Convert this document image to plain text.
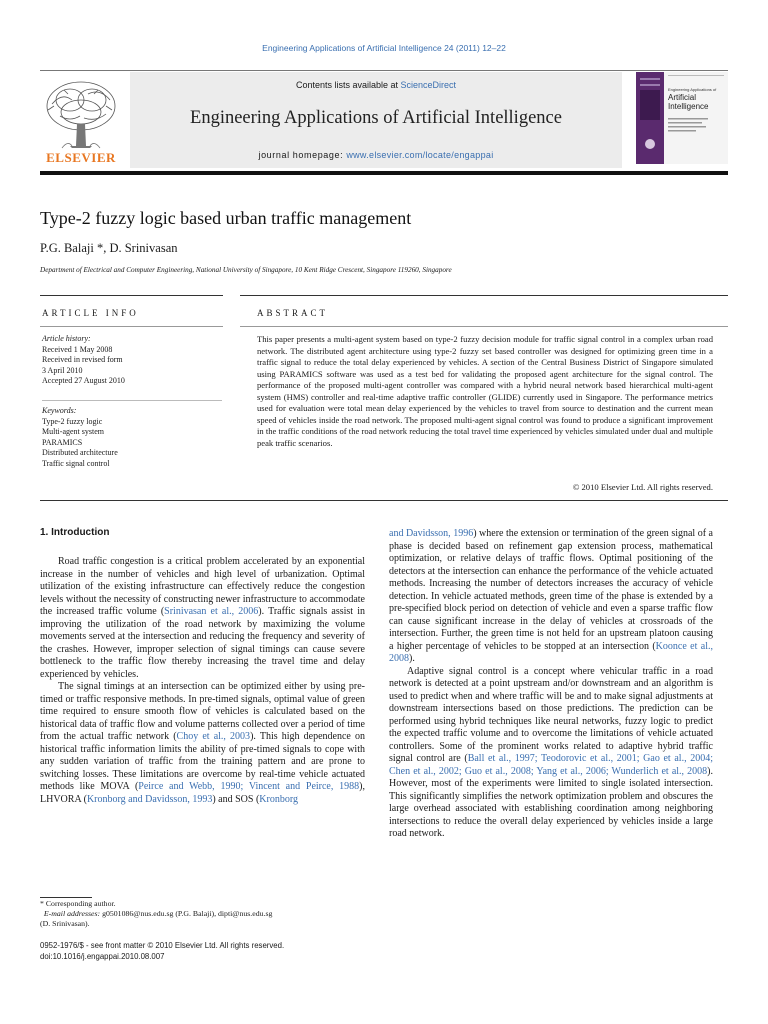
Engineering Applications of Artificial Intelligence 24 (2011) 12–22
Contents lists available at ScienceDirect
Engineering Applications of Artificial Intelligence
journal homepage: www.elsevier.com/locate/engappai
ELSEVIER
Engineering Applications of
Artificial
Intelligence
Type-2 fuzzy logic based urban traffic management
P.G. Balaji *, D. Srinivasan
Department of Electrical and Computer Engineering, National University of Singapore, 10 Kent Ridge Crescent, Singapore 119260, Singapore
ARTICLE INFO	ABSTRACT
Article history:
Received 1 May 2008
Received in revised form
3 April 2010
Accepted 27 August 2010
Keywords:
Type-2 fuzzy logic
Multi-agent system
PARAMICS
Distributed architecture
Traffic signal control
This paper presents a multi-agent system based on type-2 fuzzy decision module for traffic signal control in a complex urban road network. The distributed agent architecture using type-2 fuzzy set based controller was designed for optimizing green time in a traffic signal to reduce the total delay experienced by vehicles. A section of the Central Business District of Singapore simulated using PARAMICS software was used as a test bed for validating the proposed agent architecture for the signal control. The performance of the proposed multi-agent controller was compared with a hybrid neural network based hierarchical multi-agent system (HMS) controller and real-time adaptive traffic controller (GLIDE) currently used in Singapore. The performance metrics used for evaluation were total mean delay experienced by the vehicles to travel from source to destination and the current mean speed of vehicles inside the road network. The proposed multi-agent signal control was found to produce a significant improvement in the traffic conditions of the road network reducing the total travel time experienced by vehicles simulated under dual and multiple peak traffic scenarios.
© 2010 Elsevier Ltd. All rights reserved.
1. Introduction

Road traffic congestion is a critical problem accelerated by an exponential increase in the number of vehicles and high level of urbanization. Optimal utilization of the existing infrastructure can effectively reduce the congestion levels without the necessity of constructing newer infrastructure to accommodate the increased traffic volume (Srinivasan et al., 2006). Traffic signals assist in improving the utilization of the road network by maximizing the volume movements served at the intersection and reducing the frequency and severity of the crashes. However, improper selection of signal timings can cause severe bottleneck to the traffic flow thereby increasing the travel time and delay experienced by vehicles.

The signal timings at an intersection can be optimized either by using pre-timed or traffic responsive methods. In pre-timed signals, optimal value of green time required to ensure smooth flow of vehicles is calculated based on the historical data of traffic flow and volume patterns collected over a period of time from the actual traffic network (Choy et al., 2003). This high dependence on historical traffic information limits the ability of pre-timed signals to cope with any sudden variation of traffic from the training pattern and are prone to switching losses. These limitations are overcome by real-time vehicle actuated methods like MOVA (Peirce and Webb, 1990; Vincent and Peirce, 1988), LHVORA (Kronborg and Davidsson, 1993) and SOS (Kronborg

and Davidsson, 1996) where the extension or termination of the green signal of a phase is decided based on refinement gap extension process, mathematical optimization, or relative delays of traffic flows. Optimal positioning of the detectors at the intersection can enhance the performance of the vehicle actuated methods. Increasing the number of detectors increases the accuracy of vehicle detection. In vehicle actuated methods, green time of the phase is extended by a pre-specified block period on detection of vehicle and even a sparse traffic flow can cause significant increase in the delay of vehicles at crossroads of the intersection. Further, the green time is not held for an upstream platoon causing a higher percentage of vehicles to be stopped at an intersection (Koonce et al., 2008).

Adaptive signal control is a concept where vehicular traffic in a road network is detected at a point upstream and/or downstream and an algorithm is used to predict when and where traffic will be and to make signal adjustments at downstream intersections based on those predictions. The prediction can be performed using hybrid techniques like neural networks, fuzzy logic to predict the expected traffic volume and to overcome the limitations of vehicle actuated controllers. Some of the prominent works related to adaptive hybrid traffic signal control are (Ball et al., 1997; Teodorovic et al., 2001; Gao et al., 2004; Chen et al., 2002; Guo et al., 2008; Yang et al., 2006; Wunderlich et al., 2008). However, most of the experiments were limited to single isolated intersection. This significantly simplifies the network optimization problem and obscures the large overhead associated with establishing coordination among neighboring intersections to reduce the overall delay experienced by vehicles inside a large road network.

* Corresponding author.
E-mail addresses: g0501086@nus.edu.sg (P.G. Balaji), dipti@nus.edu.sg
(D. Srinivasan).
0952-1976/$ - see front matter © 2010 Elsevier Ltd. All rights reserved.
doi:10.1016/j.engappai.2010.08.007
